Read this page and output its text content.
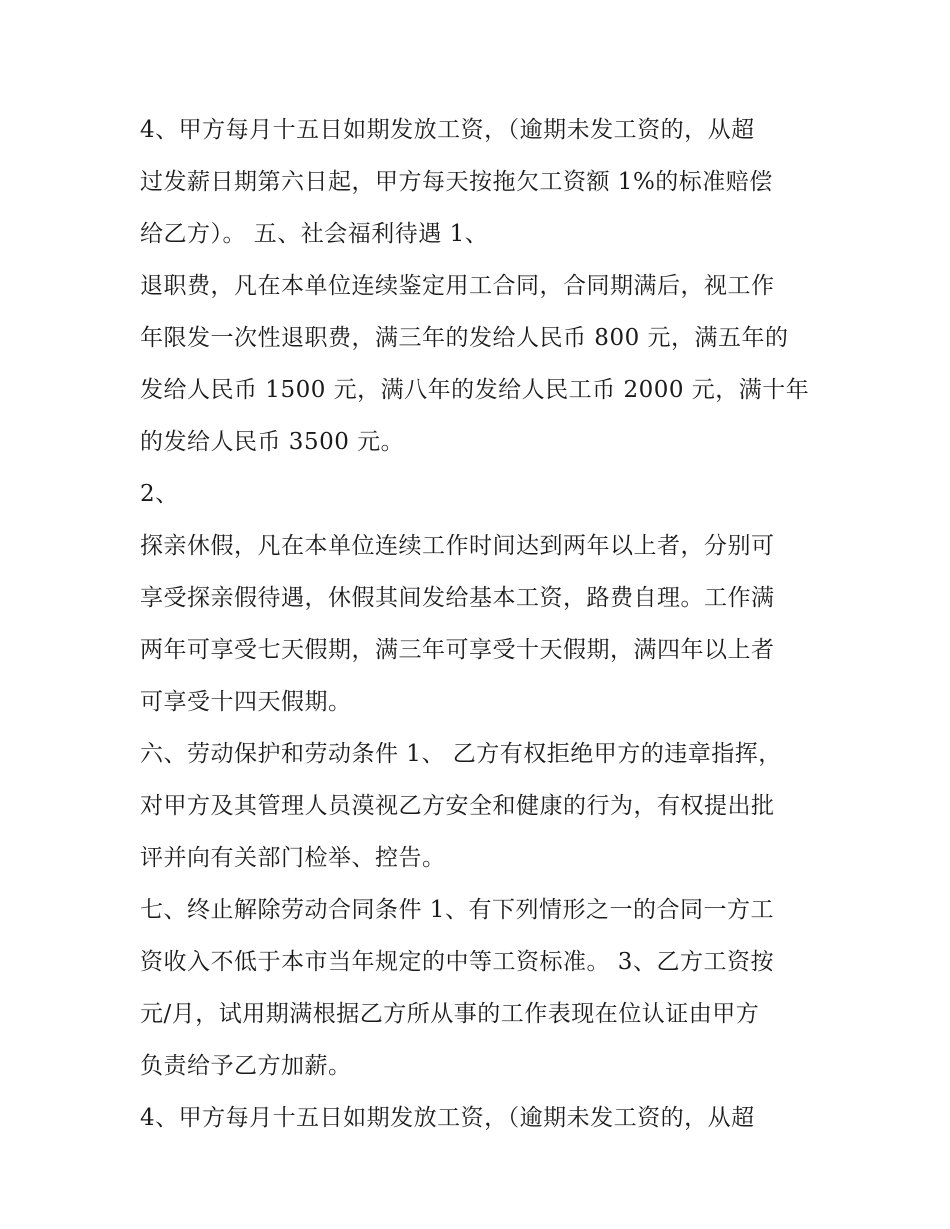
4、甲方每月十五日如期发放工资，（逾期未发工资的，从超
过发薪日期第六日起，甲方每天按拖欠工资额 1%的标准赔偿
给乙方）。 五、社会福利待遇 1、
退职费，凡在本单位连续鉴定用工合同，合同期满后，视工作
年限发一次性退职费，满三年的发给人民币 800 元，满五年的
发给人民币 1500 元，满八年的发给人民工币 2000 元，满十年
的发给人民币 3500 元。
2、
探亲休假，凡在本单位连续工作时间达到两年以上者，分别可
享受探亲假待遇，休假其间发给基本工资，路费自理。工作满
两年可享受七天假期，满三年可享受十天假期，满四年以上者
可享受十四天假期。
六、劳动保护和劳动条件 1、 乙方有权拒绝甲方的违章指挥，
对甲方及其管理人员漠视乙方安全和健康的行为，有权提出批
评并向有关部门检举、控告。
七、终止解除劳动合同条件 1、有下列情形之一的合同一方工
资收入不低于本市当年规定的中等工资标准。 3、乙方工资按
元/月，试用期满根据乙方所从事的工作表现在位认证由甲方
负责给予乙方加薪。
4、甲方每月十五日如期发放工资，（逾期未发工资的，从超
